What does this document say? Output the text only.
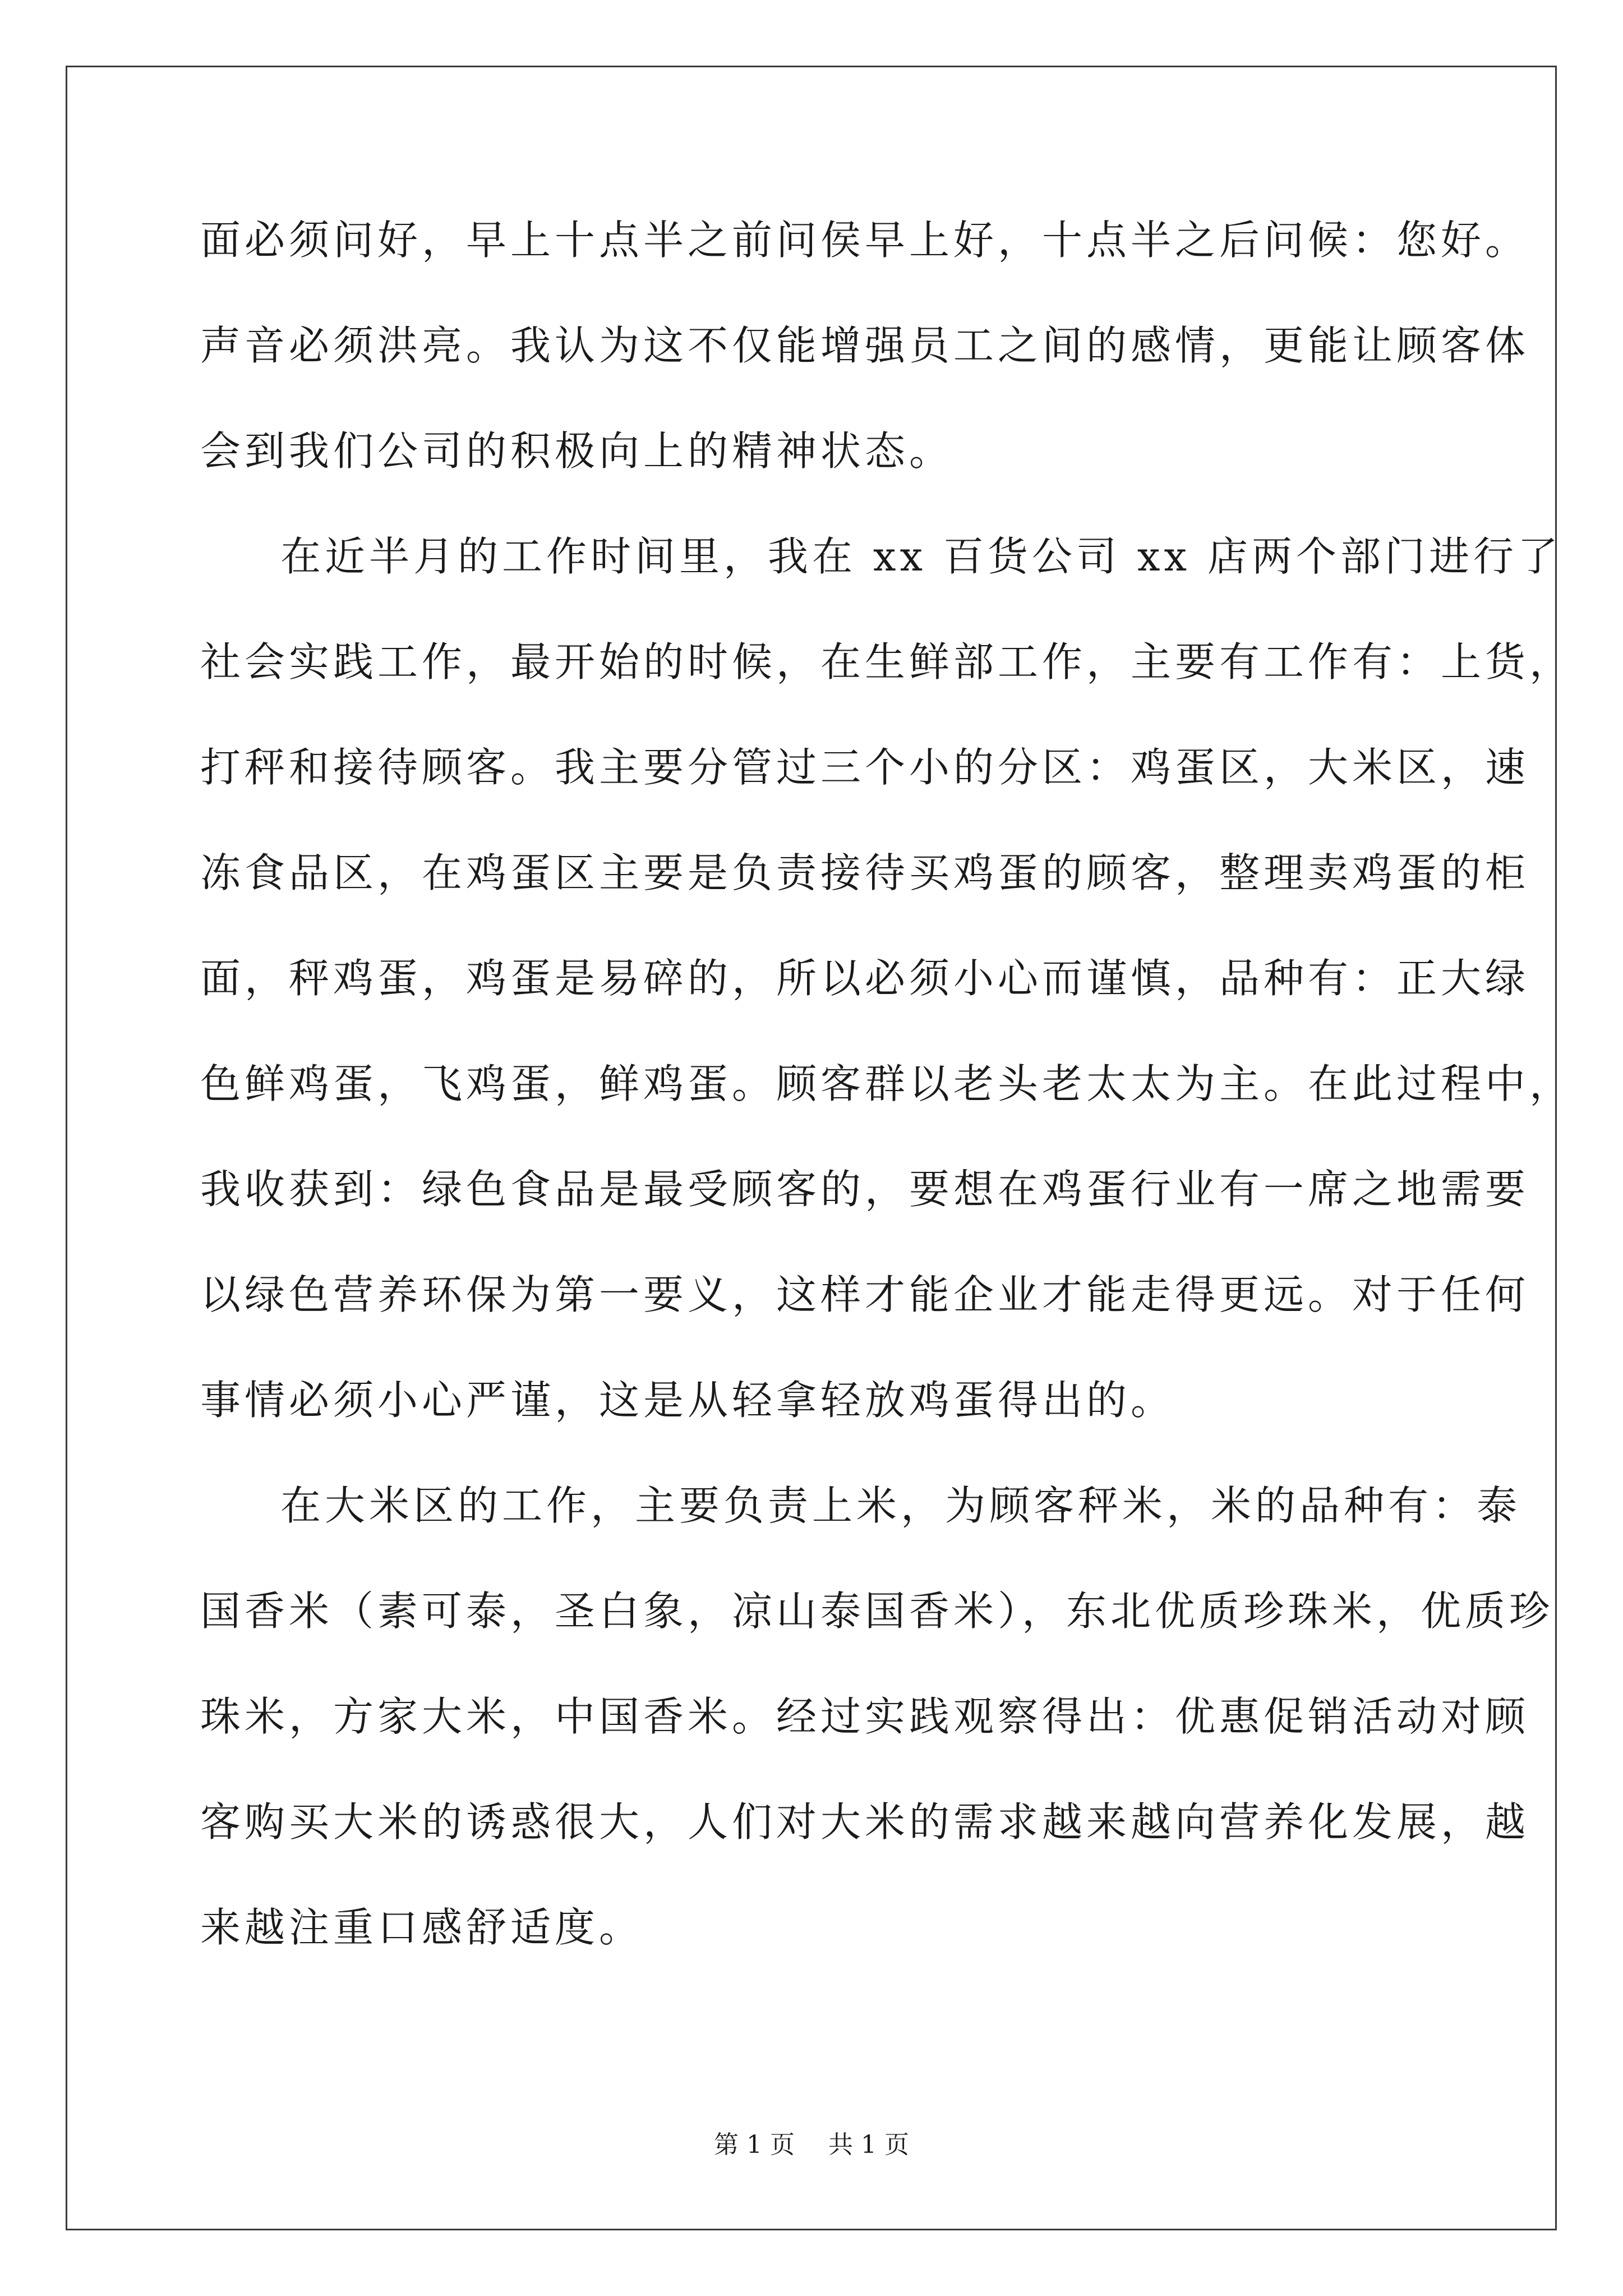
面必须问好，早上十点半之前问侯早上好，十点半之后问候：您好。
声音必须洪亮。我认为这不仅能增强员工之间的感情，更能让顾客体
会到我们公司的积极向上的精神状态。
在近半月的工作时间里，我在 xx 百货公司 xx 店两个部门进行了
社会实践工作，最开始的时候，在生鲜部工作，主要有工作有：上货，
打秤和接待顾客。我主要分管过三个小的分区：鸡蛋区，大米区，速
冻食品区，在鸡蛋区主要是负责接待买鸡蛋的顾客，整理卖鸡蛋的柜
面，秤鸡蛋，鸡蛋是易碎的，所以必须小心而谨慎，品种有：正大绿
色鲜鸡蛋，飞鸡蛋，鲜鸡蛋。顾客群以老头老太太为主。在此过程中，
我收获到：绿色食品是最受顾客的，要想在鸡蛋行业有一席之地需要
以绿色营养环保为第一要义，这样才能企业才能走得更远。对于任何
事情必须小心严谨，这是从轻拿轻放鸡蛋得出的。
在大米区的工作，主要负责上米，为顾客秤米，米的品种有：泰
国香米（素可泰，圣白象，凉山泰国香米），东北优质珍珠米，优质珍
珠米，方家大米，中国香米。经过实践观察得出：优惠促销活动对顾
客购买大米的诱惑很大，人们对大米的需求越来越向营养化发展，越
来越注重口感舒适度。
第 1 页 共 1 页
